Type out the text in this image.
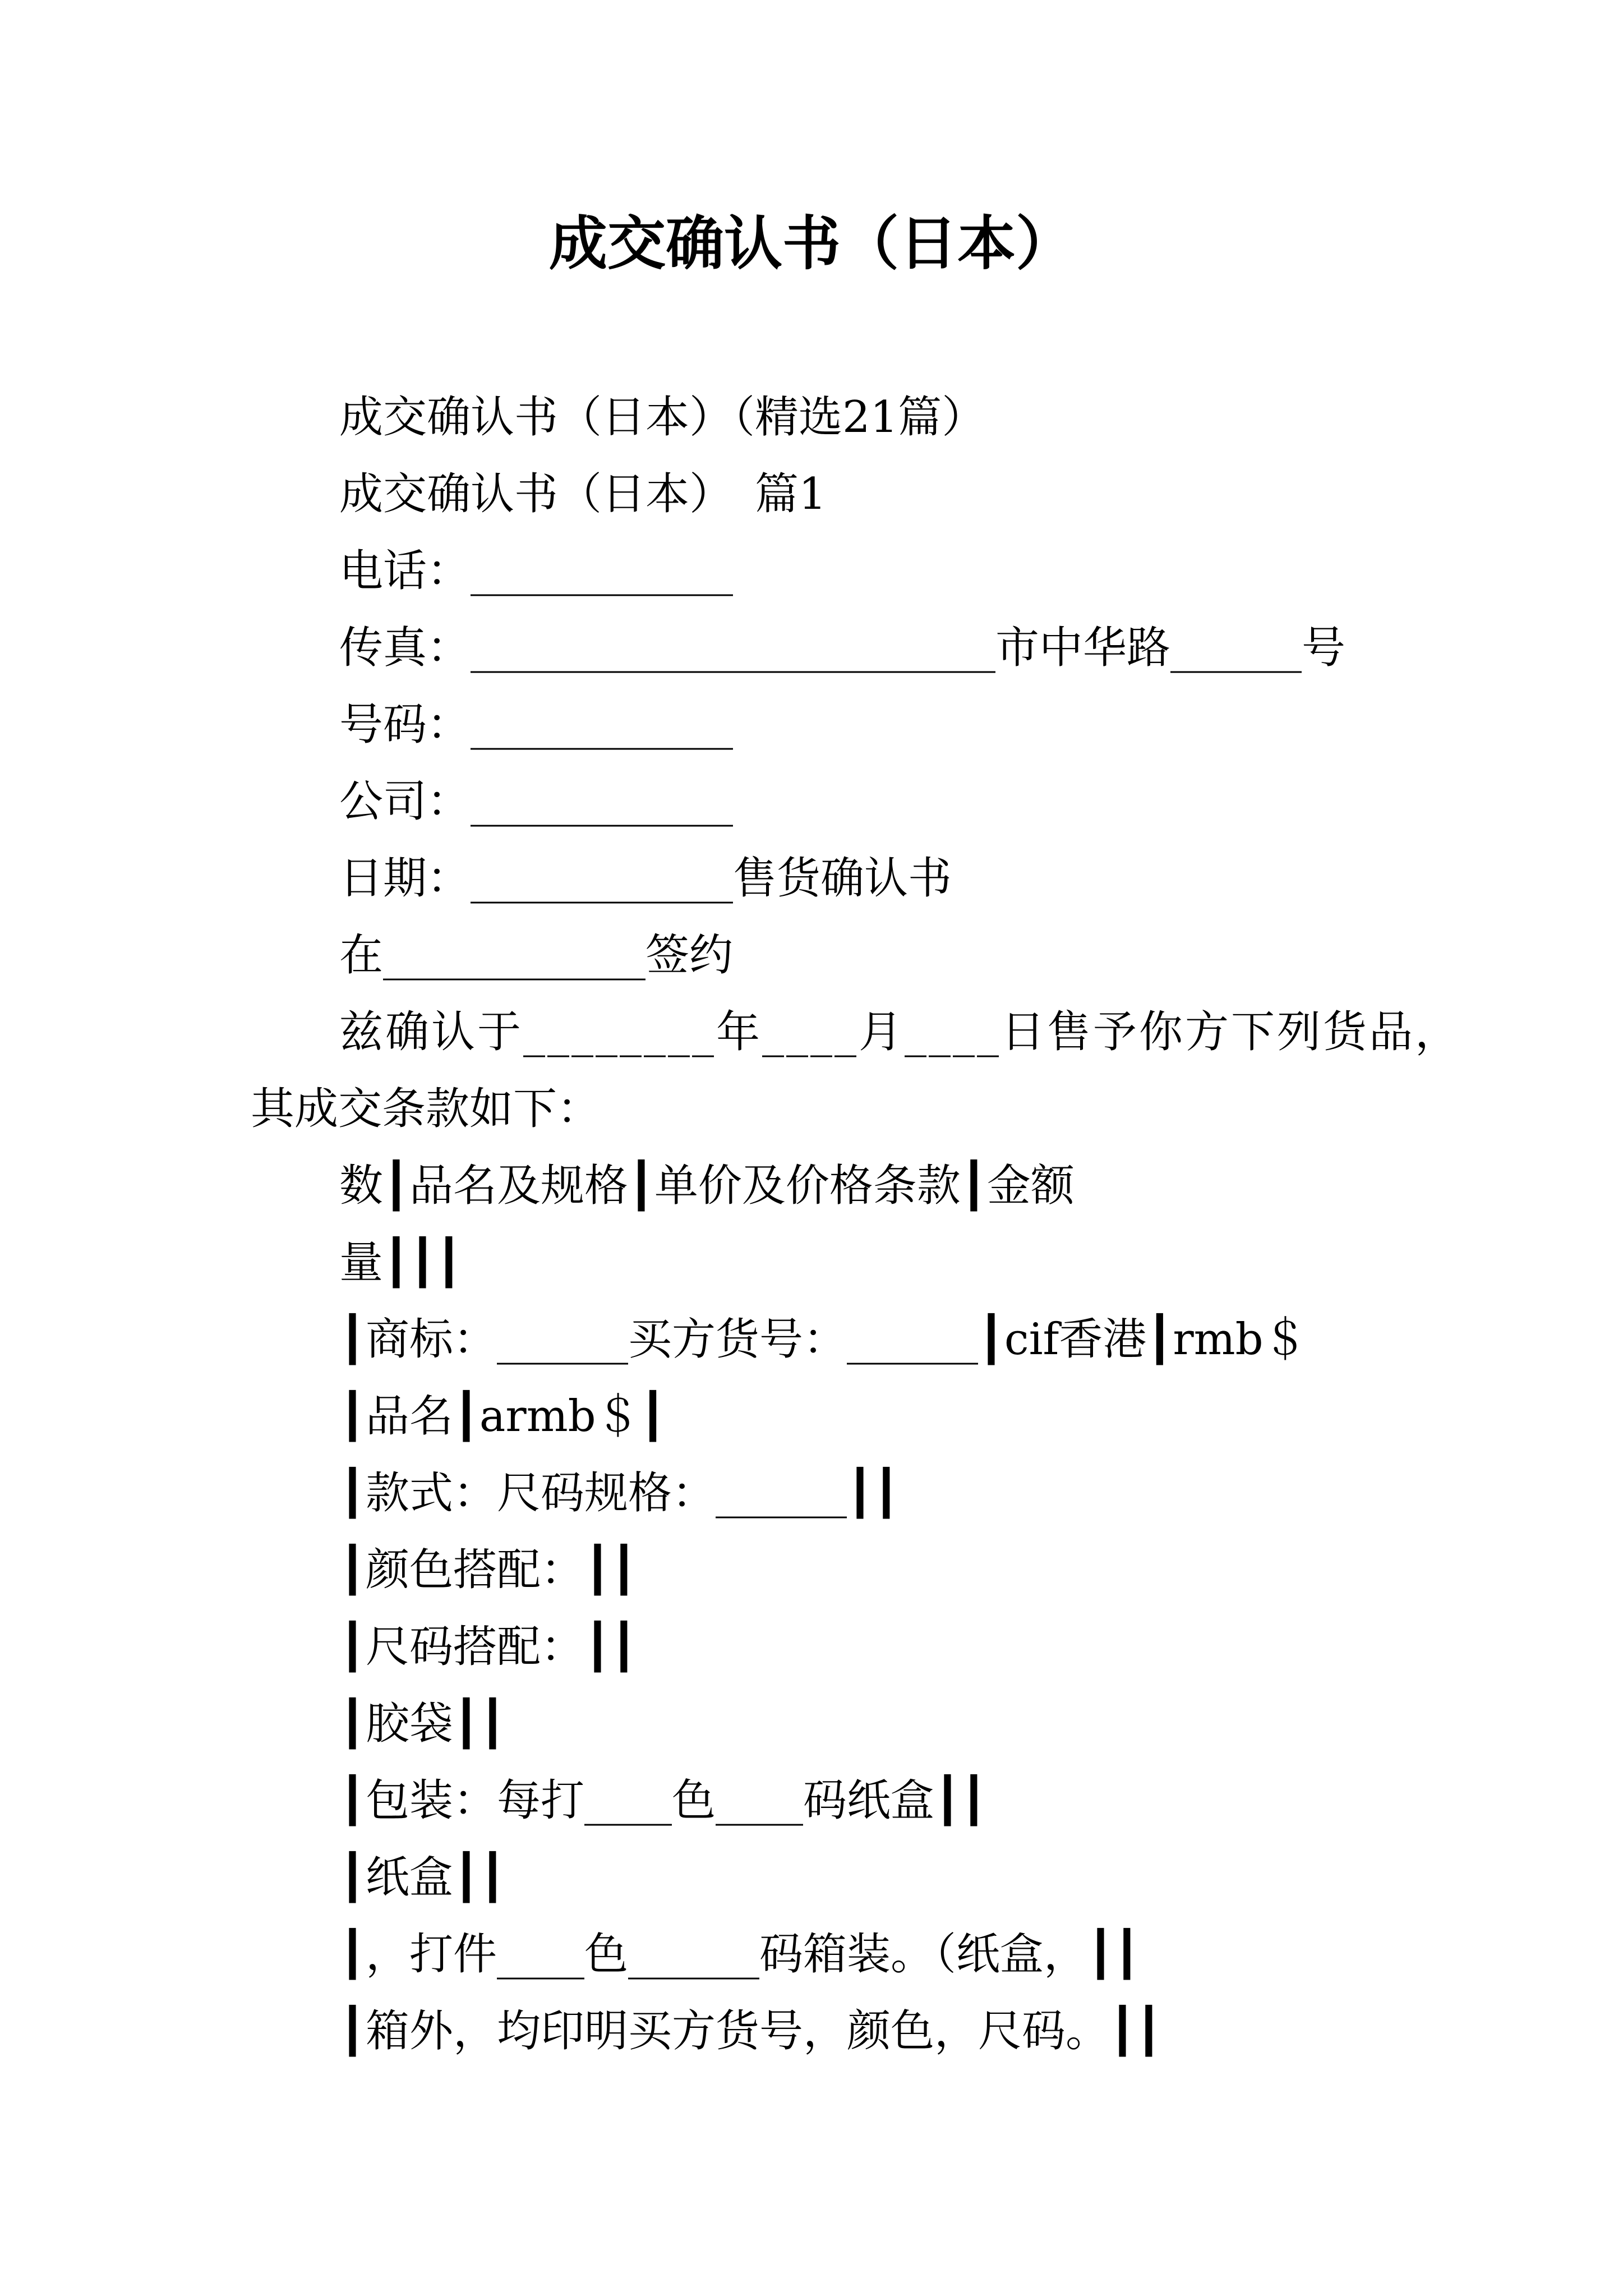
成交确认书（日本）

成交确认书（日本）（精选21篇）

成交确认书（日本）　篇1

电话：____________

传真：________________________市中华路______号

号码：____________

公司：____________

日期：____________售货确认书

在____________签约

兹确认于________年____月____日售予你方下列货品，

其成交条款如下：

数┃品名及规格┃单价及价格条款┃金额

量┃┃┃

┃商标：______买方货号：______┃cif香港┃rmb＄

┃品名┃armb＄┃

┃款式：尺码规格：______┃┃

┃颜色搭配：┃┃

┃尺码搭配：┃┃

┃胶袋┃┃

┃包装：每打____色____码纸盒┃┃

┃纸盒┃┃

┃，打件____色______码箱装。（纸盒，┃┃

┃箱外，均印明买方货号，颜色，尺码。┃┃
